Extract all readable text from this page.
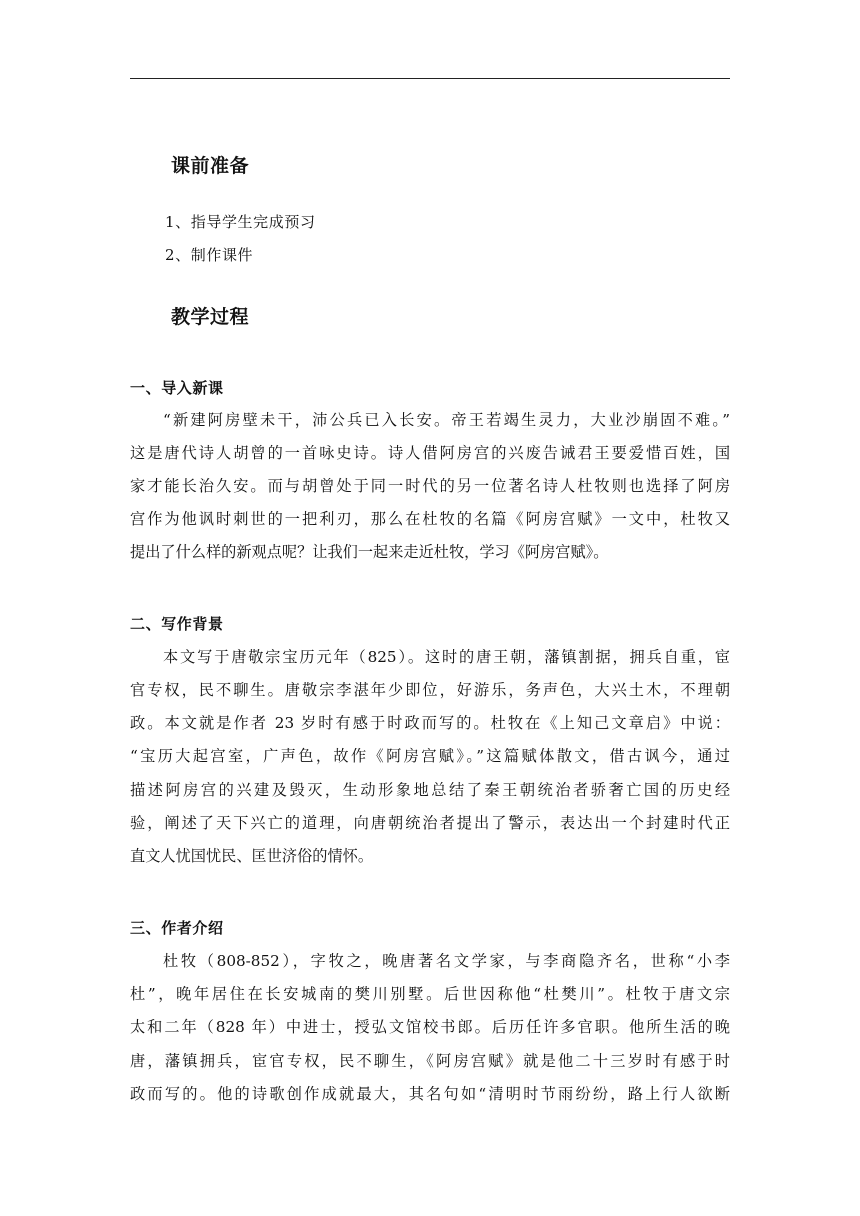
课前准备
1、指导学生完成预习
2、制作课件
教学过程
一、导入新课
“新建阿房壁未干，沛公兵已入长安。帝王若竭生灵力，大业沙崩固不难。”
这是唐代诗人胡曾的一首咏史诗。诗人借阿房宫的兴废告诫君王要爱惜百姓，国
家才能长治久安。而与胡曾处于同一时代的另一位著名诗人杜牧则也选择了阿房
宫作为他讽时刺世的一把利刃，那么在杜牧的名篇《阿房宫赋》一文中，杜牧又
提出了什么样的新观点呢？让我们一起来走近杜牧，学习《阿房宫赋》。
二、写作背景
本文写于唐敬宗宝历元年（825）。这时的唐王朝，藩镇割据，拥兵自重，宦
官专权，民不聊生。唐敬宗李湛年少即位，好游乐，务声色，大兴土木，不理朝
政。本文就是作者 23 岁时有感于时政而写的。杜牧在《上知己文章启》中说：
“宝历大起宫室，广声色，故作《阿房宫赋》。”这篇赋体散文，借古讽今，通过
描述阿房宫的兴建及毁灭，生动形象地总结了秦王朝统治者骄奢亡国的历史经
验，阐述了天下兴亡的道理，向唐朝统治者提出了警示，表达出一个封建时代正
直文人忧国忧民、匡世济俗的情怀。
三、作者介绍
杜牧（808-852），字牧之，晚唐著名文学家，与李商隐齐名，世称“小李
杜”，晚年居住在长安城南的樊川别墅。后世因称他“杜樊川”。杜牧于唐文宗
太和二年（828 年）中进士，授弘文馆校书郎。后历任许多官职。他所生活的晚
唐，藩镇拥兵，宦官专权，民不聊生，《阿房宫赋》就是他二十三岁时有感于时
政而写的。他的诗歌创作成就最大，其名句如“清明时节雨纷纷，路上行人欲断
